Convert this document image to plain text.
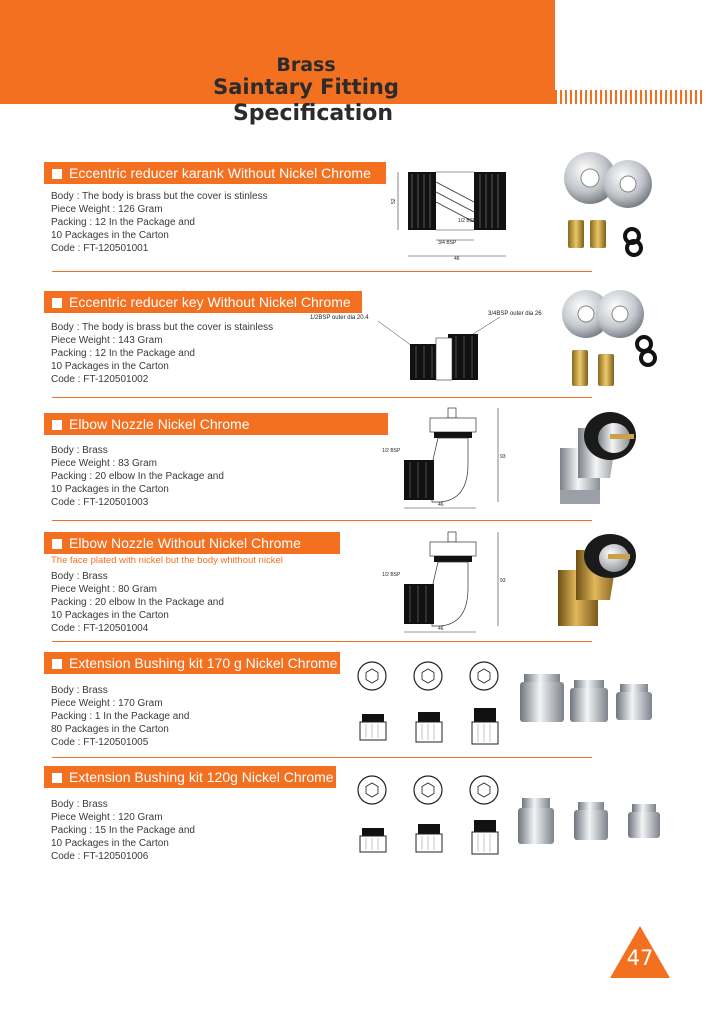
Brass
Saintary Fitting
Specification
Eccentric reducer karank Without Nickel Chrome
Body : The body is brass but the cover is stinless
Piece Weight : 126 Gram
Packing : 12 In the Package and
10 Packages in the Carton
Code : FT-120501001
52
1/2 BSP
3/4 BSP
46
Eccentric reducer key Without Nickel Chrome
Body : The body is brass but the cover is stainless
Piece Weight : 143 Gram
Packing : 12 In the Package and
10 Packages in the Carton
Code : FT-120501002
1/2BSP outer dia 20.4
3/4BSP outer dia 26
Elbow Nozzle Nickel Chrome
Body : Brass
Piece Weight : 83 Gram
Packing : 20 elbow In the Package and
10 Packages in the Carton
Code : FT-120501003
1/2 BSP
93
46
Elbow Nozzle Without Nickel Chrome
The face plated with nickel but the body whithout nickel
Body : Brass
Piece Weight : 80 Gram
Packing : 20 elbow In the Package and
10 Packages in the Carton
Code : FT-120501004
1/2 BSP
93
46
Extension Bushing kit 170 g Nickel Chrome
Body : Brass
Piece Weight : 170 Gram
Packing : 1 In the Package and
80 Packages in the Carton
Code : FT-120501005
Extension Bushing kit 120g Nickel Chrome
Body : Brass
Piece Weight : 120 Gram
Packing : 15 In the Package and
10 Packages in the Carton
Code : FT-120501006
47
